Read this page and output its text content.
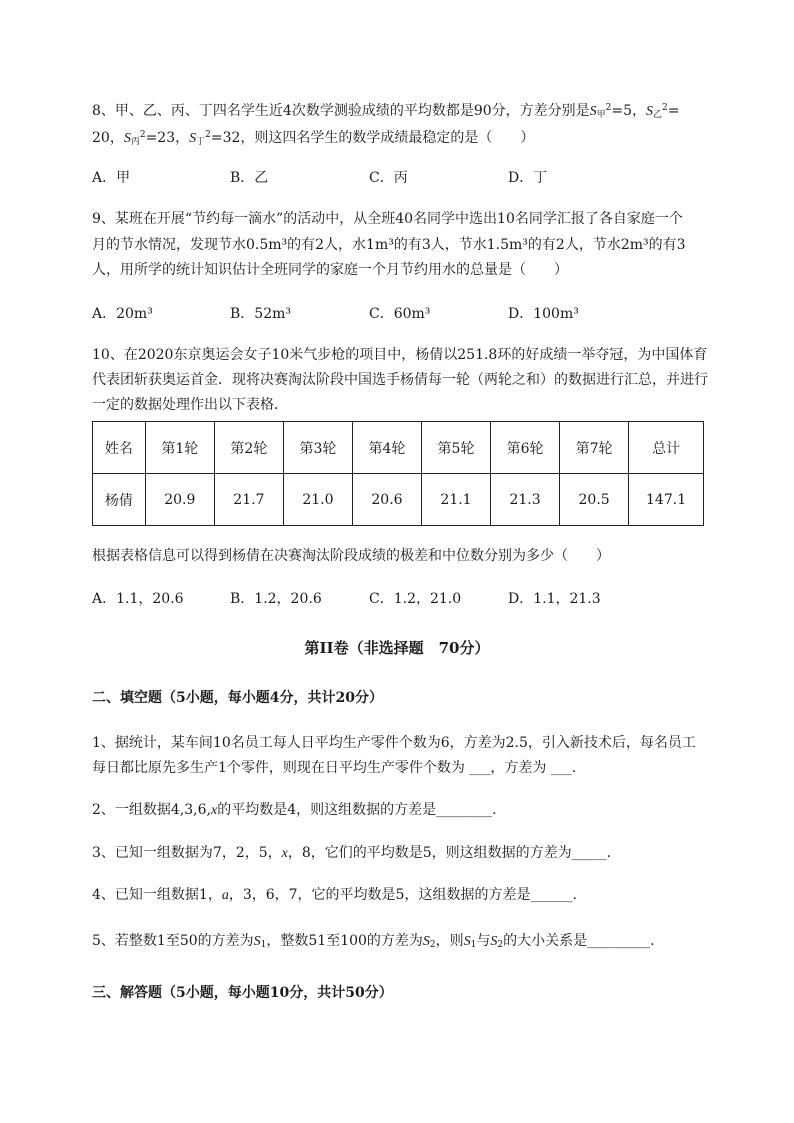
8、甲、乙、丙、丁四名学生近4次数学测验成绩的平均数都是90分，方差分别是$S_甲^2=5$，$S_乙^2=$
20，$S_丙^2=23$，$S_丁^2=32$，则这四名学生的数学成绩最稳定的是（　　）
A．甲	B．乙	C．丙	D．丁
9、某班在开展“节约每一滴水”的活动中，从全班40名同学中选出10名同学汇报了各自家庭一个
月的节水情况，发现节水0.5m³的有2人，水1m³的有3人，节水1.5m³的有2人，节水2m³的有3
人，用所学的统计知识估计全班同学的家庭一个月节约用水的总量是（　　）
A．20m³	B．52m³	C．60m³	D．100m³
10、在2020东京奥运会女子10米气步枪的项目中，杨倩以251.8环的好成绩一举夺冠，为中国体育
代表团斩获奥运首金．现将决赛淘汰阶段中国选手杨倩每一轮（两轮之和）的数据进行汇总，并进行
一定的数据处理作出以下表格．
姓名	第1轮	第2轮	第3轮	第4轮	第5轮	第6轮	第7轮	总计
杨倩	20.9	21.7	21.0	20.6	21.1	21.3	20.5	147.1
根据表格信息可以得到杨倩在决赛淘汰阶段成绩的极差和中位数分别为多少（　　）
A．1.1，20.6	B．1.2，20.6	C．1.2，21.0	D．1.1，21.3
第II卷（非选择题　70分）
二、填空题（5小题，每小题4分，共计20分）
1、据统计，某车间10名员工每人日平均生产零件个数为6，方差为2.5，引入新技术后，每名员工
每日都比原先多生产1个零件，则现在日平均生产零件个数为 ___，方差为 ___.
2、一组数据4,3,6,x的平均数是4，则这组数据的方差是________.
3、已知一组数据为7，2，5，x，8，它们的平均数是5，则这组数据的方差为_____.
4、已知一组数据1，a，3，6，7，它的平均数是5，这组数据的方差是______.
5、若整数1至50的方差为$S_1$，整数51至100的方差为$S_2$，则$S_1$与$S_2$的大小关系是_________.
三、解答题（5小题，每小题10分，共计50分）
